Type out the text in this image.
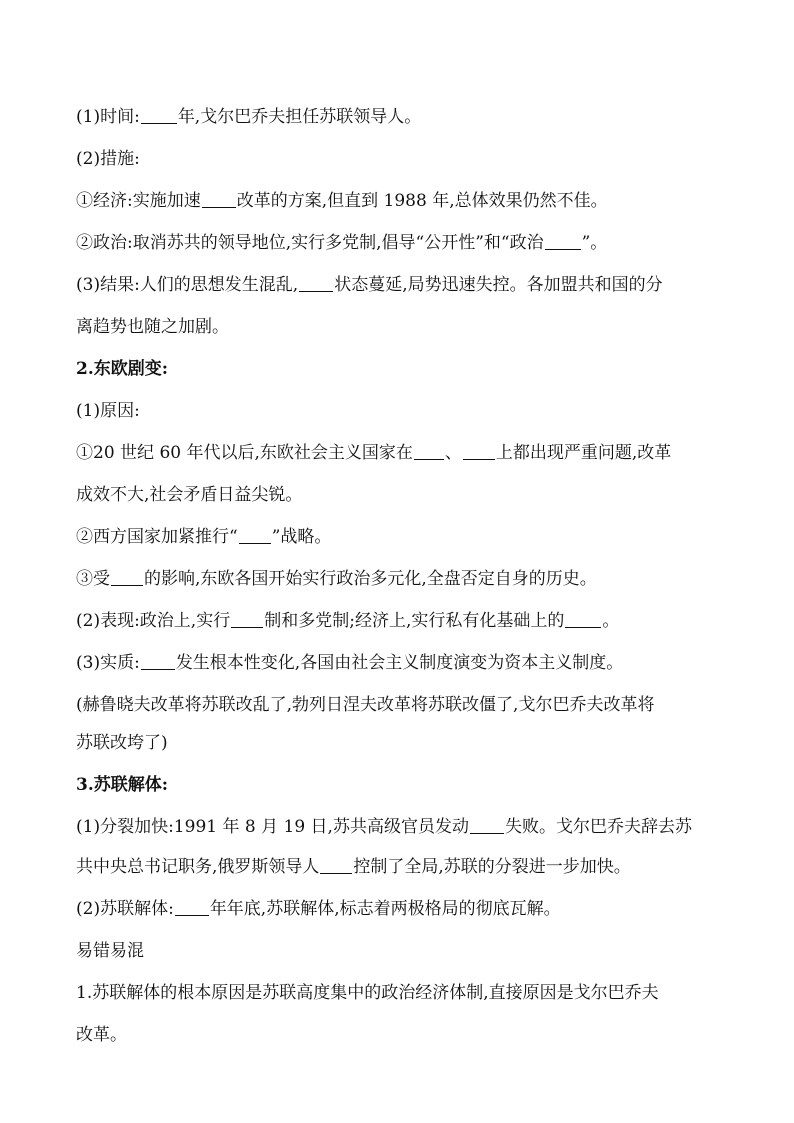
(1)时间: 年,戈尔巴乔夫担任苏联领导人。
(2)措施:
①经济:实施加速 改革的方案,但直到 1988 年,总体效果仍然不佳。
②政治:取消苏共的领导地位,实行多党制,倡导“公开性”和“政治 ”。
(3)结果:人们的思想发生混乱, 状态蔓延,局势迅速失控。各加盟共和国的分
离趋势也随之加剧。
2.东欧剧变:
(1)原因:
①20 世纪 60 年代以后,东欧社会主义国家在 、 上都出现严重问题,改革
成效不大,社会矛盾日益尖锐。
②西方国家加紧推行“ ”战略。
③受 的影响,东欧各国开始实行政治多元化,全盘否定自身的历史。
(2)表现:政治上,实行 制和多党制;经济上,实行私有化基础上的 。
(3)实质: 发生根本性变化,各国由社会主义制度演变为资本主义制度。
(赫鲁晓夫改革将苏联改乱了,勃列日涅夫改革将苏联改僵了,戈尔巴乔夫改革将
苏联改垮了)
3.苏联解体:
(1)分裂加快:1991 年 8 月 19 日,苏共高级官员发动 失败。戈尔巴乔夫辞去苏
共中央总书记职务,俄罗斯领导人 控制了全局,苏联的分裂进一步加快。
(2)苏联解体: 年年底,苏联解体,标志着两极格局的彻底瓦解。
易错易混
1.苏联解体的根本原因是苏联高度集中的政治经济体制,直接原因是戈尔巴乔夫
改革。
